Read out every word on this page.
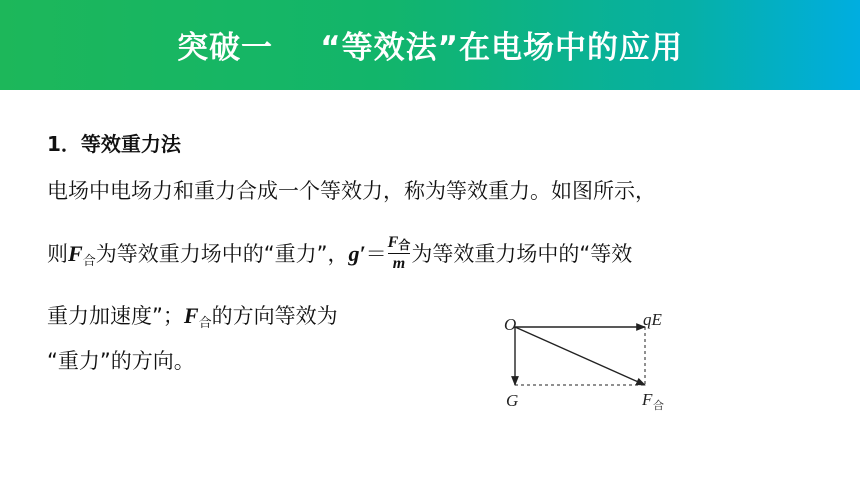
突破一    “等效法”在电场中的应用
1．等效重力法
电场中电场力和重力合成一个等效力，称为等效重力。如图所示，
则F合为等效重力场中的“重力”，$g'= \frac{\text{F合}}{m}$ 为等效重力场中的“等效
重力加速度”；F合的方向等效为
“重力”的方向。
O	qE
G	F 合
